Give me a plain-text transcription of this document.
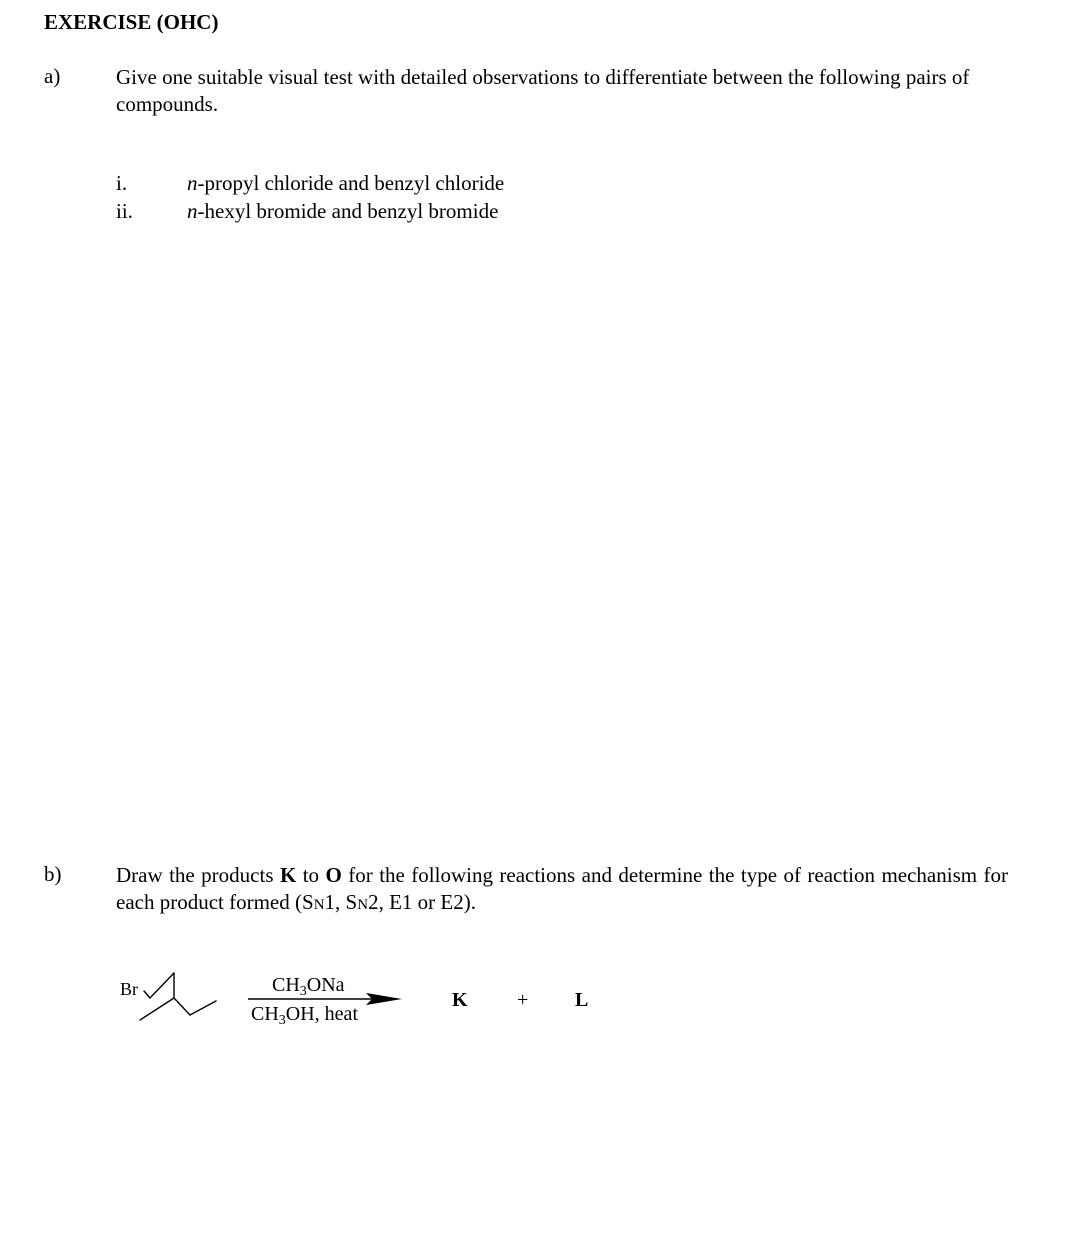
EXERCISE (OHC)
a)	Give one suitable visual test with detailed observations to differentiate between the following pairs of compounds.
i.	n-propyl chloride and benzyl chloride
ii.	n-hexyl bromide and benzyl bromide
b)	Draw the products K to O for the following reactions and determine the type of reaction mechanism for each product formed (SN1, SN2, E1 or E2).
Br	$CH_3ONa$
$CH_3OH$, heat
K + L
